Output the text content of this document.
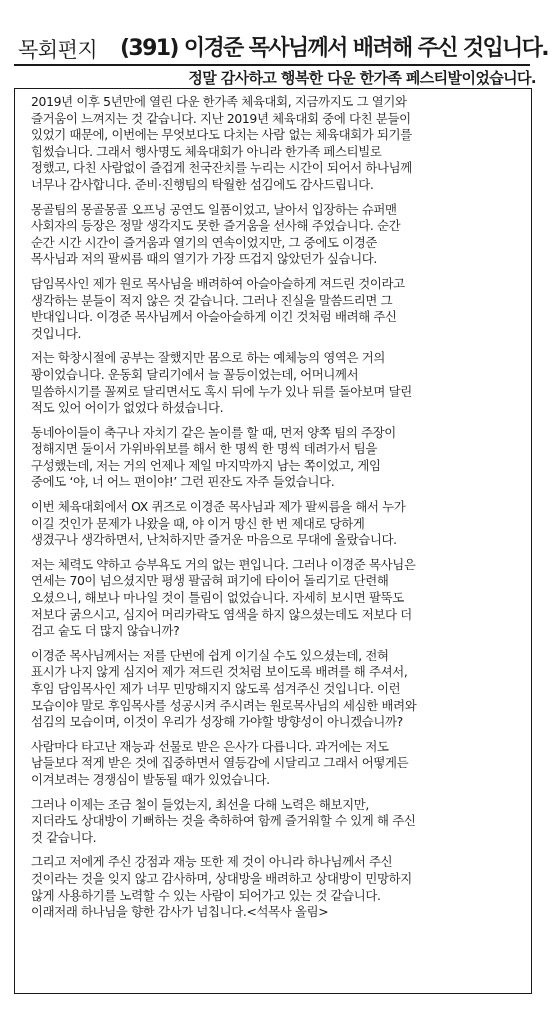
목회편지 (391) 이경준 목사님께서 배려해 주신 것입니다.
정말 감사하고 행복한 다운 한가족 페스티발이었습니다.
2019년 이후 5년만에 열린 다운 한가족 체육대회, 지금까지도 그 열기와
즐거움이 느껴지는 것 같습니다. 지난 2019년 체육대회 중에 다친 분들이
있었기 때문에, 이번에는 무엇보다도 다치는 사람 없는 체육대회가 되기를
힘썼습니다. 그래서 행사명도 체육대회가 아니라 한가족 페스티빌로
정했고, 다친 사람없이 즐겁게 천국잔치를 누리는 시간이 되어서 하나님께
너무나 감사합니다. 준비·진행팀의 탁월한 섬김에도 감사드립니다.
몽골팀의 몽골몽골 오프닝 공연도 일품이었고, 날아서 입장하는 슈퍼맨
사회자의 등장은 정말 생각지도 못한 즐거움을 선사해 주었습니다. 순간
순간 시간 시간이 즐거움과 열기의 연속이었지만, 그 중에도 이경준
목사님과 저의 팔씨름 때의 열기가 가장 뜨겁지 않았던가 싶습니다.
담임목사인 제가 원로 목사님을 배려하여 아슬아슬하게 져드린 것이라고
생각하는 분들이 적지 않은 것 같습니다. 그러나 진실을 말씀드리면 그
반대입니다. 이경준 목사님께서 아슬아슬하게 이긴 것처럼 배려해 주신
것입니다.
저는 학창시절에 공부는 잘했지만 몸으로 하는 예체능의 영역은 거의
꽝이었습니다. 운동회 달리기에서 늘 꼴등이었는데, 어머니께서
밀씀하시기를 꼴찌로 달리면서도 혹시 뒤에 누가 있나 뒤를 돌아보며 달린
적도 있어 어이가 없었다 하셨습니다.
동네아이들이 축구나 자치기 같은 놀이를 할 때, 먼저 양쪽 팀의 주장이
정해지면 둘이서 가위바위보를 해서 한 명씩 한 명씩 데려가서 팀을
구성했는데, 저는 거의 언제나 제일 마지막까지 남는 쪽이었고, 게임
중에도 ‘야, 너 어느 편이야!’ 그런 핀잔도 자주 들었습니다.
이번 체육대회에서 OX 퀴즈로 이경준 목사님과 제가 팔씨름을 해서 누가
이길 것인가 문제가 나왔을 때, 야 이거 망신 한 번 제대로 당하게
생겼구나 생각하면서, 난처하지만 즐거운 마음으로 무대에 올랐습니다.
저는 체력도 약하고 승부욕도 거의 없는 편입니다. 그러나 이경준 목사님은
연세는 70이 넘으셨지만 평생 팔굽혀 펴기에 타이어 돌리기로 단련해
오셨으니, 해보나 마나일 것이 틀림이 없었습니다. 자세히 보시면 팔뚝도
저보다 굵으시고, 심지어 머리카락도 염색을 하지 않으셨는데도 저보다 더
검고 숱도 더 많지 않습니까?
이경준 목사님께서는 저를 단번에 쉽게 이기실 수도 있으셨는데, 전혀
표시가 나지 않게 심지어 제가 져드린 것처럼 보이도록 배려를 해 주셔서,
후임 담임목사인 제가 너무 민망해지지 않도록 섬겨주신 것입니다. 이런
모습이야 말로 후임목사를 성공시켜 주시려는 원로목사님의 세심한 배려와
섬김의 모습이며, 이것이 우리가 성장해 가야할 방향성이 아니겠습니까?
사람마다 타고난 재능과 선물로 받은 은사가 다릅니다. 과거에는 저도
남들보다 적게 받은 것에 집중하면서 열등감에 시달리고 그래서 어떻게든
이겨보려는 경쟁심이 발동될 때가 있었습니다.
그러나 이제는 조금 철이 들었는지, 최선을 다해 노력은 해보지만,
지더라도 상대방이 기뻐하는 것을 축하하여 함께 즐거워할 수 있게 해 주신
것 같습니다.
그리고 저에게 주신 강점과 재능 또한 제 것이 아니라 하나님께서 주신
것이라는 것을 잊지 않고 감사하며, 상대방을 배려하고 상대방이 민망하지
않게 사용하기를 노력할 수 있는 사람이 되어가고 있는 것 같습니다.
이래저래 하나님을 향한 감사가 넘칩니다.<석목사 올림>
